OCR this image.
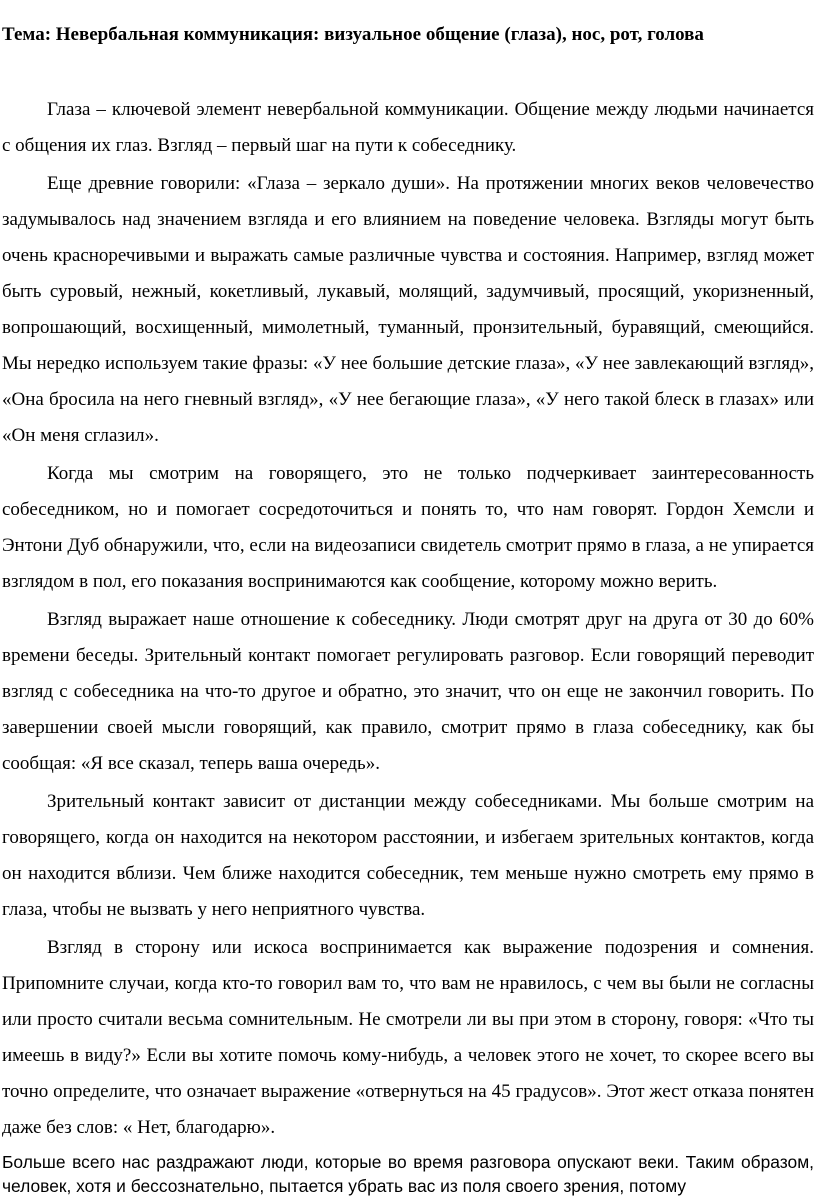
Тема: Невербальная коммуникация: визуальное общение (глаза), нос, рот, голова

Глаза – ключевой элемент невербальной коммуникации. Общение между людьми начинается с общения их глаз. Взгляд – первый шаг на пути к собеседнику.

Еще древние говорили: «Глаза – зеркало души». На протяжении многих веков человечество задумывалось над значением взгляда и его влиянием на поведение человека. Взгляды могут быть очень красноречивыми и выражать самые различные чувства и состояния. Например, взгляд может быть суровый, нежный, кокетливый, лукавый, молящий, задумчивый, просящий, укоризненный, вопрошающий, восхищенный, мимолетный, туманный, пронзительный, буравящий, смеющийся. Мы нередко используем такие фразы: «У нее большие детские глаза», «У нее завлекающий взгляд», «Она бросила на него гневный взгляд», «У нее бегающие глаза», «У него такой блеск в глазах» или «Он меня сглазил».

Когда мы смотрим на говорящего, это не только подчеркивает заинтересованность собеседником, но и помогает сосредоточиться и понять то, что нам говорят. Гордон Хемсли и Энтони Дуб обнаружили, что, если на видеозаписи свидетель смотрит прямо в глаза, а не упирается взглядом в пол, его показания воспринимаются как сообщение, которому можно верить.

Взгляд выражает наше отношение к собеседнику. Люди смотрят друг на друга от 30 до 60% времени беседы. Зрительный контакт помогает регулировать разговор. Если говорящий переводит взгляд с собеседника на что-то другое и обратно, это значит, что он еще не закончил говорить. По завершении своей мысли говорящий, как правило, смотрит прямо в глаза собеседнику, как бы сообщая: «Я все сказал, теперь ваша очередь».

Зрительный контакт зависит от дистанции между собеседниками. Мы больше смотрим на говорящего, когда он находится на некотором расстоянии, и избегаем зрительных контактов, когда он находится вблизи. Чем ближе находится собеседник, тем меньше нужно смотреть ему прямо в глаза, чтобы не вызвать у него неприятного чувства.

Взгляд в сторону или искоса воспринимается как выражение подозрения и сомнения. Припомните случаи, когда кто-то говорил вам то, что вам не нравилось, с чем вы были не согласны или просто считали весьма сомнительным. Не смотрели ли вы при этом в сторону, говоря: «Что ты имеешь в виду?» Если вы хотите помочь кому-нибудь, а человек этого не хочет, то скорее всего вы точно определите, что означает выражение «отвернуться на 45 градусов». Этот жест отказа понятен даже без слов: « Нет, благодарю».

Больше всего нас раздражают люди, которые во время разговора опускают веки. Таким образом, человек, хотя и бессознательно, пытается убрать вас из поля своего зрения, потому
